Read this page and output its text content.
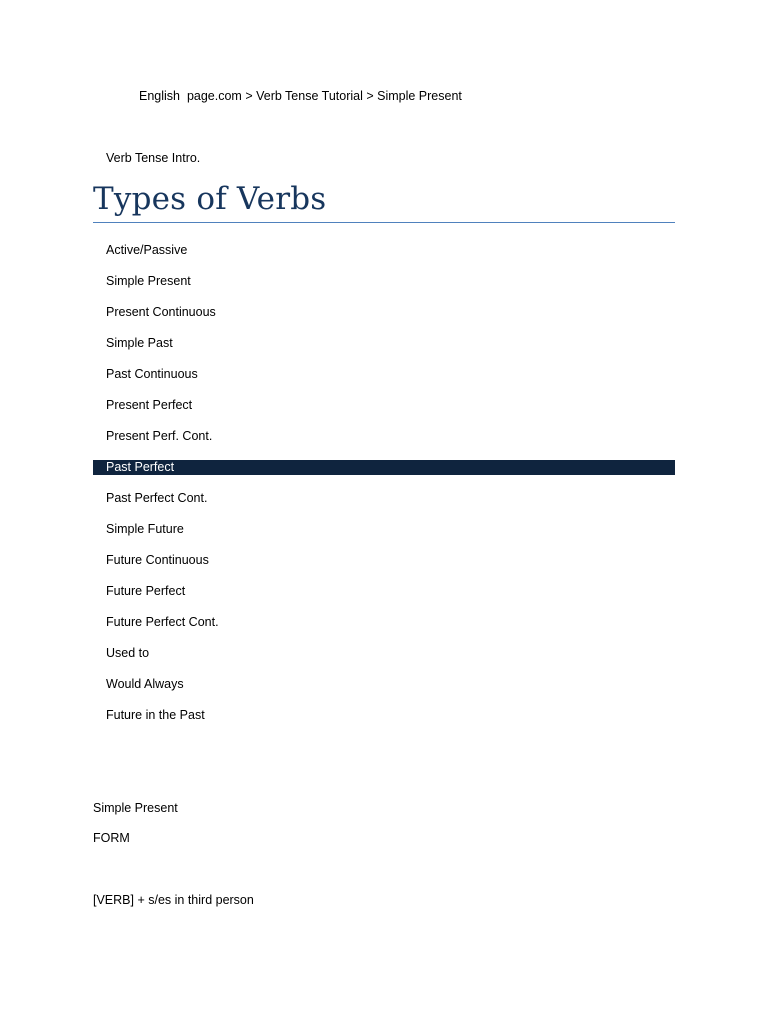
English  page.com > Verb Tense Tutorial > Simple Present
Verb Tense Intro.
Types of Verbs
Active/Passive
Simple Present
Present Continuous
Simple Past
Past Continuous
Present Perfect
Present Perf. Cont.
Past Perfect
Past Perfect Cont.
Simple Future
Future Continuous
Future Perfect
Future Perfect Cont.
Used to
Would Always
Future in the Past
Simple Present
FORM
[VERB] + s/es in third person
